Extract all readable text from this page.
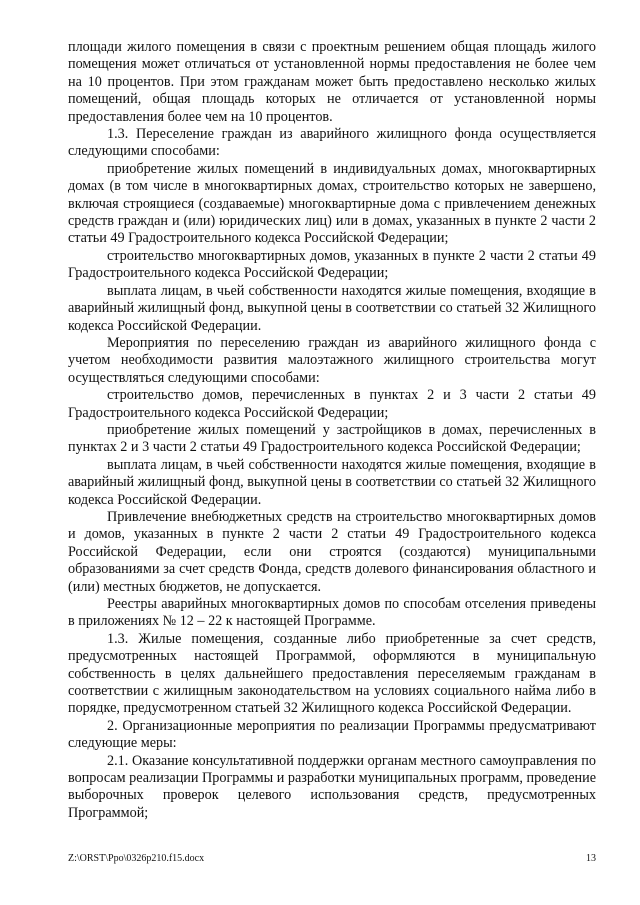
площади жилого помещения в связи с проектным решением общая площадь жилого помещения может отличаться от установленной нормы предоставления не более чем на 10 процентов. При этом гражданам может быть предоставлено несколько жилых помещений, общая площадь которых не отличается от установленной нормы предоставления более чем на 10 процентов.

1.3. Переселение граждан из аварийного жилищного фонда осуществляется следующими способами:

приобретение жилых помещений в индивидуальных домах, многоквартирных домах (в том числе в многоквартирных домах, строительство которых не завершено, включая строящиеся (создаваемые) многоквартирные дома с привлечением денежных средств граждан и (или) юридических лиц) или в домах, указанных в пункте 2 части 2 статьи 49 Градостроительного кодекса Российской Федерации;

строительство многоквартирных домов, указанных в пункте 2 части 2 статьи 49 Градостроительного кодекса Российской Федерации;

выплата лицам, в чьей собственности находятся жилые помещения, входящие в аварийный жилищный фонд, выкупной цены в соответствии со статьей 32 Жилищного кодекса Российской Федерации.

Мероприятия по переселению граждан из аварийного жилищного фонда с учетом необходимости развития малоэтажного жилищного строительства могут осуществляться следующими способами:

строительство домов, перечисленных в пунктах 2 и 3 части 2 статьи 49 Градостроительного кодекса Российской Федерации;

приобретение жилых помещений у застройщиков в домах, перечисленных в пунктах 2 и 3 части 2 статьи 49 Градостроительного кодекса Российской Федерации;

выплата лицам, в чьей собственности находятся жилые помещения, входящие в аварийный жилищный фонд, выкупной цены в соответствии со статьей 32 Жилищного кодекса Российской Федерации.

Привлечение внебюджетных средств на строительство многоквартирных домов и домов, указанных в пункте 2 части 2 статьи 49 Градостроительного кодекса Российской Федерации, если они строятся (создаются) муниципальными образованиями за счет средств Фонда, средств долевого финансирования областного и (или) местных бюджетов, не допускается.

Реестры аварийных многоквартирных домов по способам отселения приведены в приложениях № 12 – 22 к настоящей Программе.

1.3. Жилые помещения, созданные либо приобретенные за счет средств, предусмотренных настоящей Программой, оформляются в муниципальную собственность в целях дальнейшего предоставления переселяемым гражданам в соответствии с жилищным законодательством на условиях социального найма либо в порядке, предусмотренном статьей 32 Жилищного кодекса Российской Федерации.

2. Организационные мероприятия по реализации Программы предусматривают следующие меры:

2.1. Оказание консультативной поддержки органам местного самоуправления по вопросам реализации Программы и разработки муниципальных программ, проведение выборочных проверок целевого использования средств, предусмотренных Программой;

Z:\ORST\Ppo\0326p210.f15.docx	13
